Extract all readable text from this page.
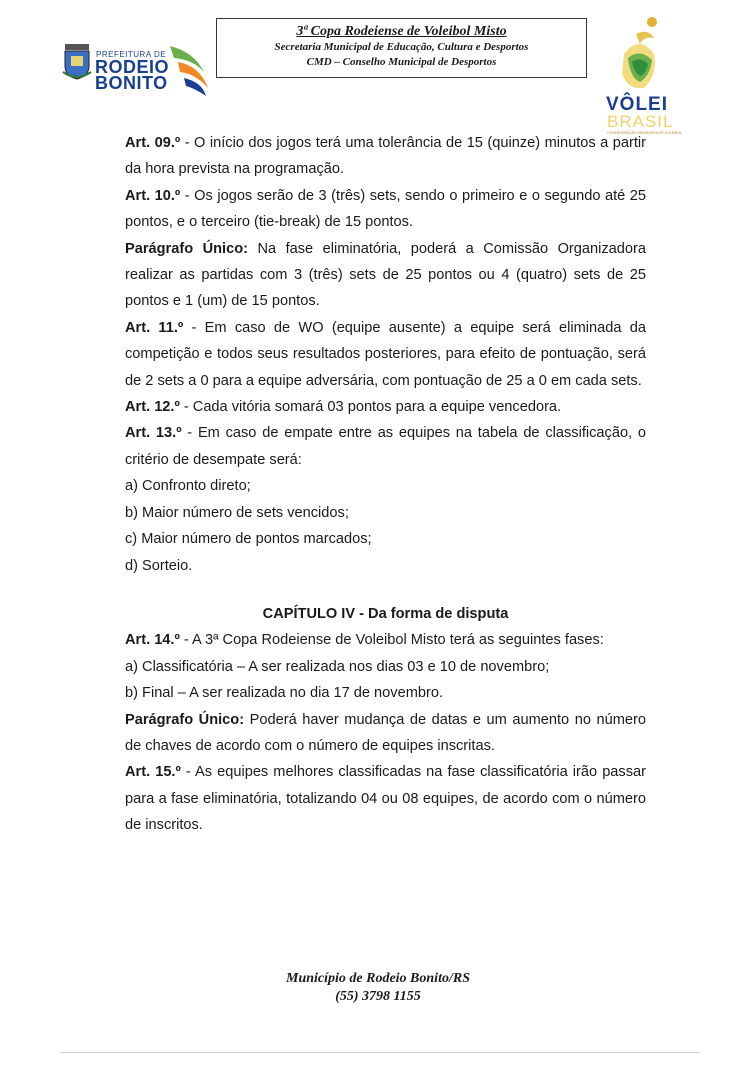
PREFEITURA DE
RODEIO
BONITO
3ª Copa Rodeiense de Voleibol Misto
Secretaria Municipal de Educação, Cultura e Desportos
CMD – Conselho Municipal de Desportos
VÔLEI
BRASIL
CONFEDERAÇÃO BRASILEIRA DE VOLEIBOL

Art. 09.º - O início dos jogos terá uma tolerância de 15 (quinze) minutos a partir da hora prevista na programação.

Art. 10.º - Os jogos serão de 3 (três) sets, sendo o primeiro e o segundo até 25 pontos, e o terceiro (tie-break) de 15 pontos.

Parágrafo Único: Na fase eliminatória, poderá a Comissão Organizadora realizar as partidas com 3 (três) sets de 25 pontos ou 4 (quatro) sets de 25 pontos e 1 (um) de 15 pontos.

Art. 11.º - Em caso de WO (equipe ausente) a equipe será eliminada da competição e todos seus resultados posteriores, para efeito de pontuação, será de 2 sets a 0 para a equipe adversária, com pontuação de 25 a 0 em cada sets.

Art. 12.º - Cada vitória somará 03 pontos para a equipe vencedora.

Art. 13.º - Em caso de empate entre as equipes na tabela de classificação, o critério de desempate será:

a) Confronto direto;

b) Maior número de sets vencidos;

c) Maior número de pontos marcados;

d) Sorteio.

CAPÍTULO IV - Da forma de disputa

Art. 14.º - A 3ª Copa Rodeiense de Voleibol Misto terá as seguintes fases:

a) Classificatória – A ser realizada nos dias 03 e 10 de novembro;

b) Final – A ser realizada no dia 17 de novembro.

Parágrafo Único: Poderá haver mudança de datas e um aumento no número de chaves de acordo com o número de equipes inscritas.

Art. 15.º - As equipes melhores classificadas na fase classificatória irão passar para a fase eliminatória, totalizando 04 ou 08 equipes, de acordo com o número de inscritos.

Município de Rodeio Bonito/RS
(55) 3798 1155
